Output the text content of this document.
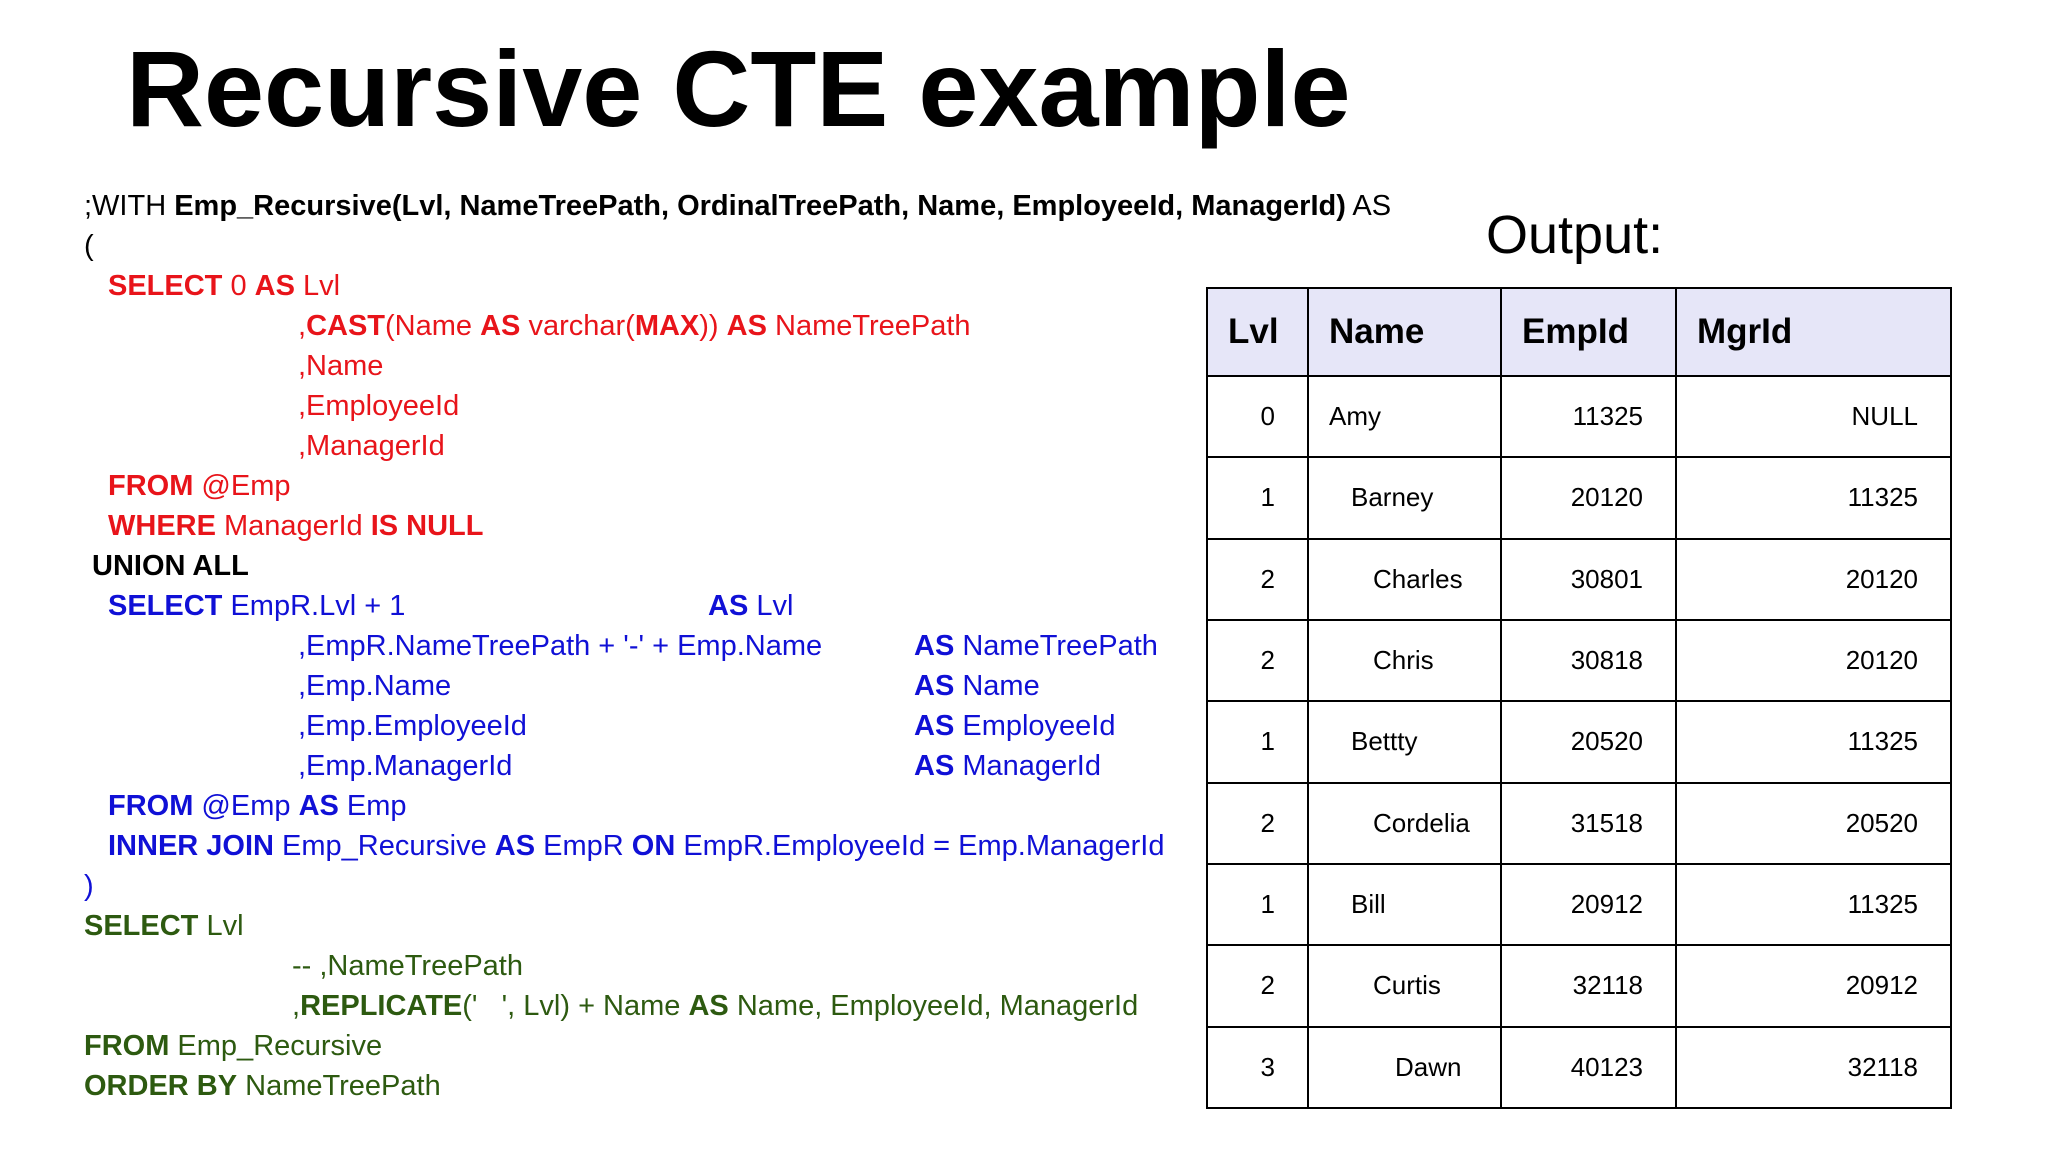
Recursive CTE example
;WITH Emp_Recursive(Lvl, NameTreePath, OrdinalTreePath, Name, EmployeeId, ManagerId) AS
(
SELECT 0 AS Lvl
,CAST(Name AS varchar(MAX)) AS NameTreePath
,Name
,EmployeeId
,ManagerId
FROM @Emp
WHERE ManagerId IS NULL
UNION ALL
SELECT EmpR.Lvl + 1	AS Lvl
,EmpR.NameTreePath + '-' + Emp.Name	AS NameTreePath
,Emp.Name	AS Name
,Emp.EmployeeId	AS EmployeeId
,Emp.ManagerId	AS ManagerId
FROM @Emp AS Emp
INNER JOIN Emp_Recursive AS EmpR ON EmpR.EmployeeId = Emp.ManagerId
)
SELECT Lvl
-- ,NameTreePath
,REPLICATE('   ', Lvl) + Name AS Name, EmployeeId, ManagerId
FROM Emp_Recursive
ORDER BY NameTreePath
Output:
Lvl	Name	EmpId	MgrId
0	Amy	11325	NULL
1	Barney	20120	11325
2	Charles	30801	20120
2	Chris	30818	20120
1	Bettty	20520	11325
2	Cordelia	31518	20520
1	Bill	20912	11325
2	Curtis	32118	20912
3	Dawn	40123	32118
